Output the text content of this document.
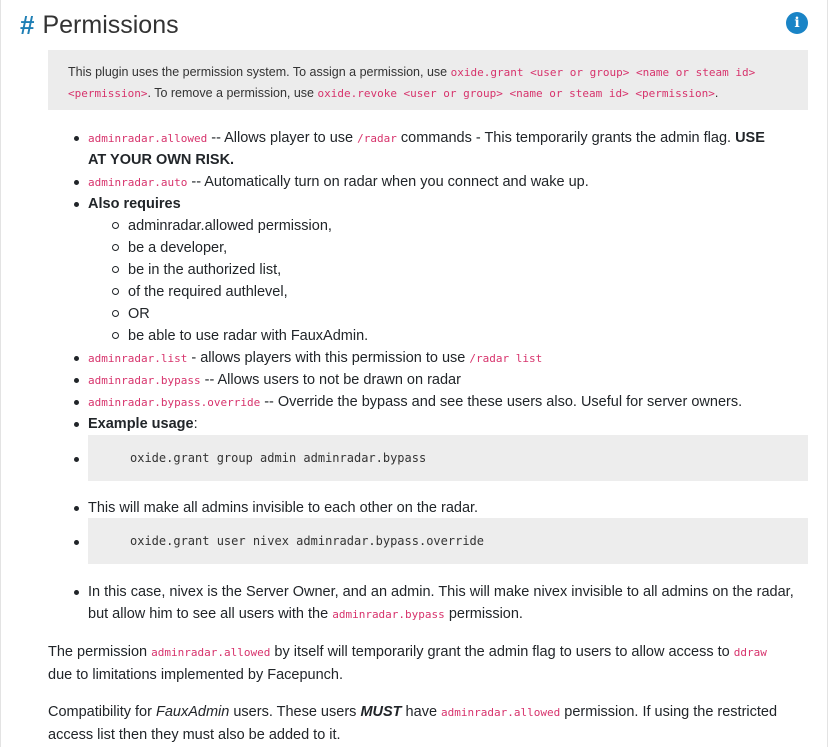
# Permissions	i
This plugin uses the permission system. To assign a permission, use oxide.grant <user or group> <name or steam id>
<permission>. To remove a permission, use oxide.revoke <user or group> <name or steam id> <permission>.
adminradar.allowed -- Allows player to use /radar commands - This temporarily grants the admin flag. USE
AT YOUR OWN RISK.
adminradar.auto -- Automatically turn on radar when you connect and wake up.
Also requires
adminradar.allowed permission,
be a developer,
be in the authorized list,
of the required authlevel,
OR
be able to use radar with FauxAdmin.
adminradar.list - allows players with this permission to use /radar list
adminradar.bypass -- Allows users to not be drawn on radar
adminradar.bypass.override -- Override the bypass and see these users also. Useful for server owners.
Example usage:
oxide.grant group admin adminradar.bypass
This will make all admins invisible to each other on the radar.
oxide.grant user nivex adminradar.bypass.override
In this case, nivex is the Server Owner, and an admin. This will make nivex invisible to all admins on the radar,
but allow him to see all users with the adminradar.bypass permission.
The permission adminradar.allowed by itself will temporarily grant the admin flag to users to allow access to ddraw
due to limitations implemented by Facepunch.
Compatibility for FauxAdmin users. These users MUST have adminradar.allowed permission. If using the restricted
access list then they must also be added to it.
